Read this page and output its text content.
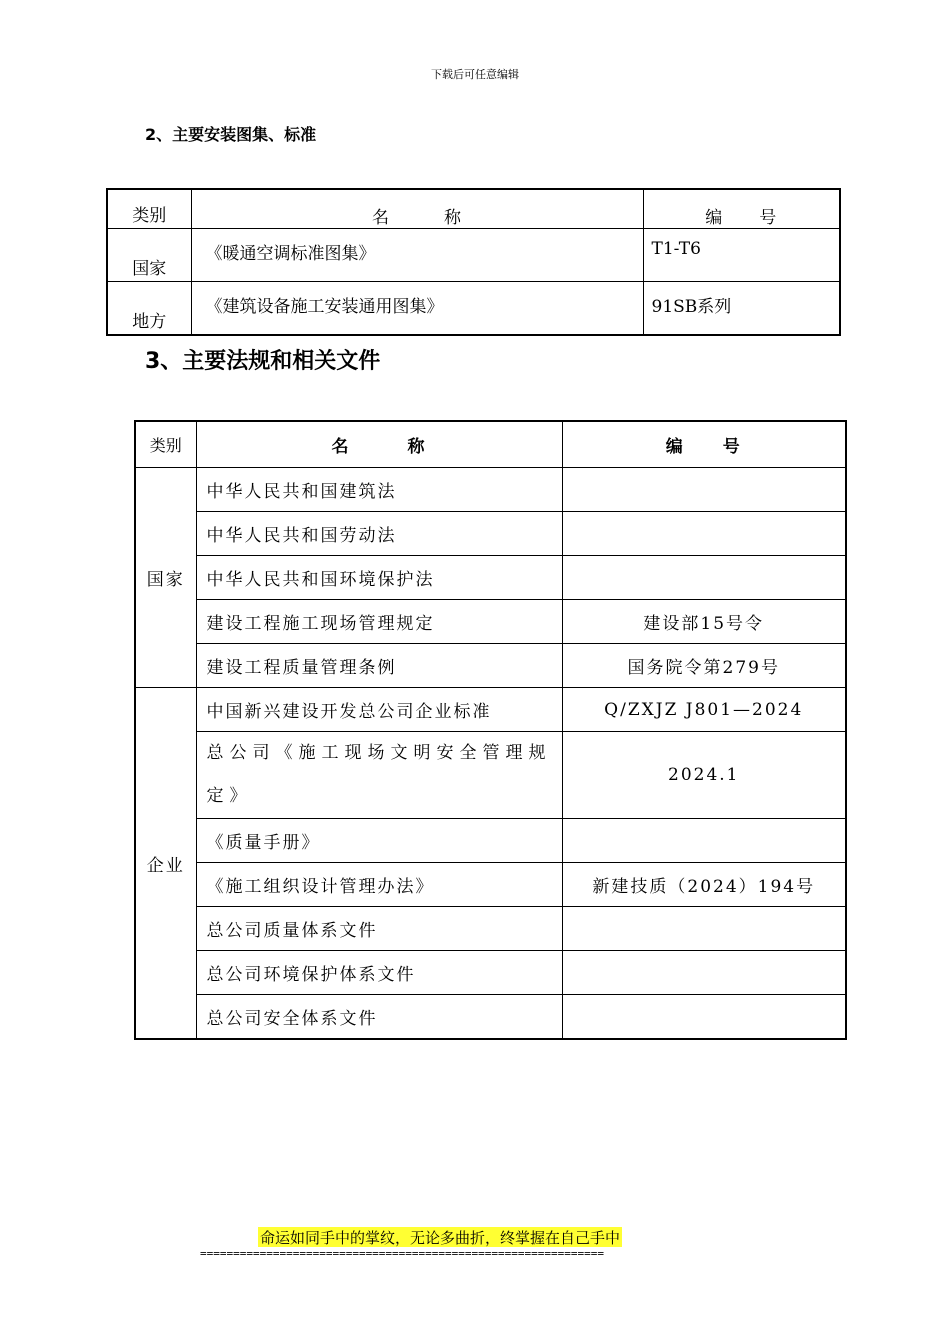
下载后可任意编辑
2、主要安装图集、标准
类别	名　　　称	编　　号
国家	《暖通空调标准图集》	T1-T6
地方	《建筑设备施工安装通用图集》	91SB系列
3、主要法规和相关文件
类别	名　　　称	编　　号
国家	中华人民共和国建筑法	
	中华人民共和国劳动法	
	中华人民共和国环境保护法	
	建设工程施工现场管理规定	建设部15号令
	建设工程质量管理条例	国务院令第279号
企业	中国新兴建设开发总公司企业标准	Q/ZXJZ J801—2024
	总公司《施工现场文明安全管理规定》	2024.1
	《质量手册》	
	《施工组织设计管理办法》	新建技质（2024）194号
	总公司质量体系文件	
	总公司环境保护体系文件	
	总公司安全体系文件	
命运如同手中的掌纹，无论多曲折，终掌握在自己手中
=============================================================
